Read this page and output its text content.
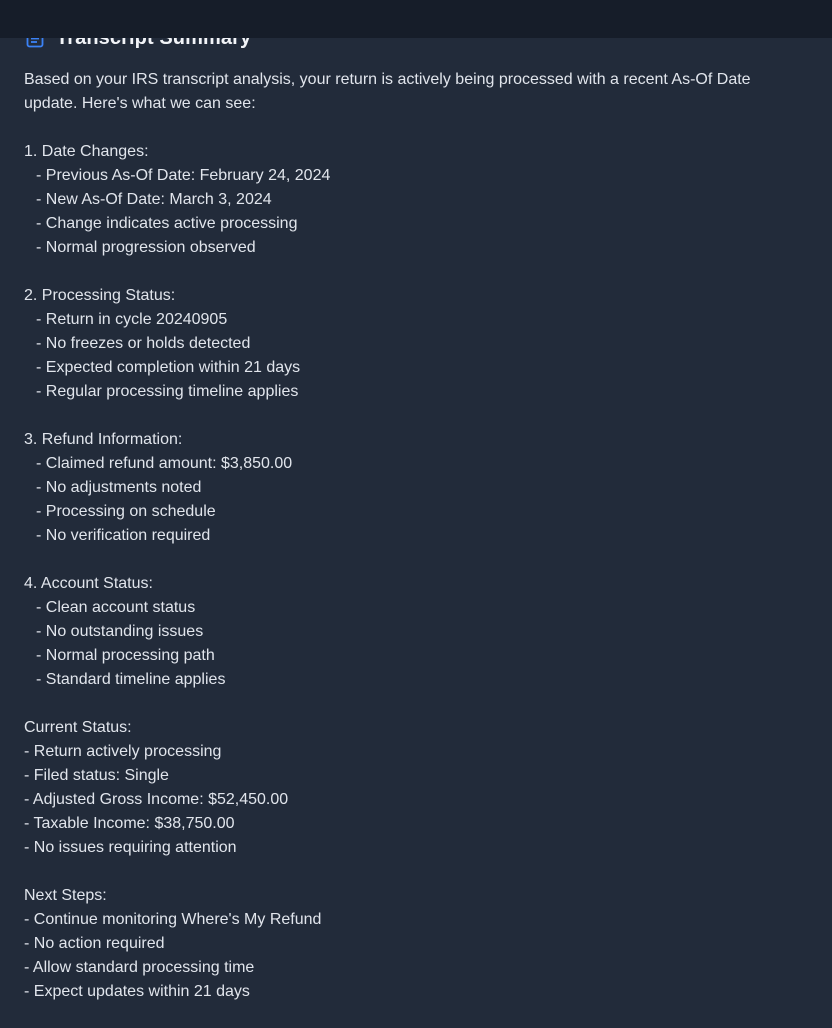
Based on your IRS transcript analysis, your return is actively being processed with a recent As-Of Date update. Here's what we can see:

1. Date Changes:
- Previous As-Of Date: February 24, 2024
- New As-Of Date: March 3, 2024
- Change indicates active processing
- Normal progression observed
2. Processing Status:
- Return in cycle 20240905
- No freezes or holds detected
- Expected completion within 21 days
- Regular processing timeline applies
3. Refund Information:
- Claimed refund amount: $3,850.00
- No adjustments noted
- Processing on schedule
- No verification required
4. Account Status:
- Clean account status
- No outstanding issues
- Normal processing path
- Standard timeline applies
Current Status:
- Return actively processing
- Filed status: Single
- Adjusted Gross Income: $52,450.00
- Taxable Income: $38,750.00
- No issues requiring attention
Next Steps:
- Continue monitoring Where's My Refund
- No action required
- Allow standard processing time
- Expect updates within 21 days
